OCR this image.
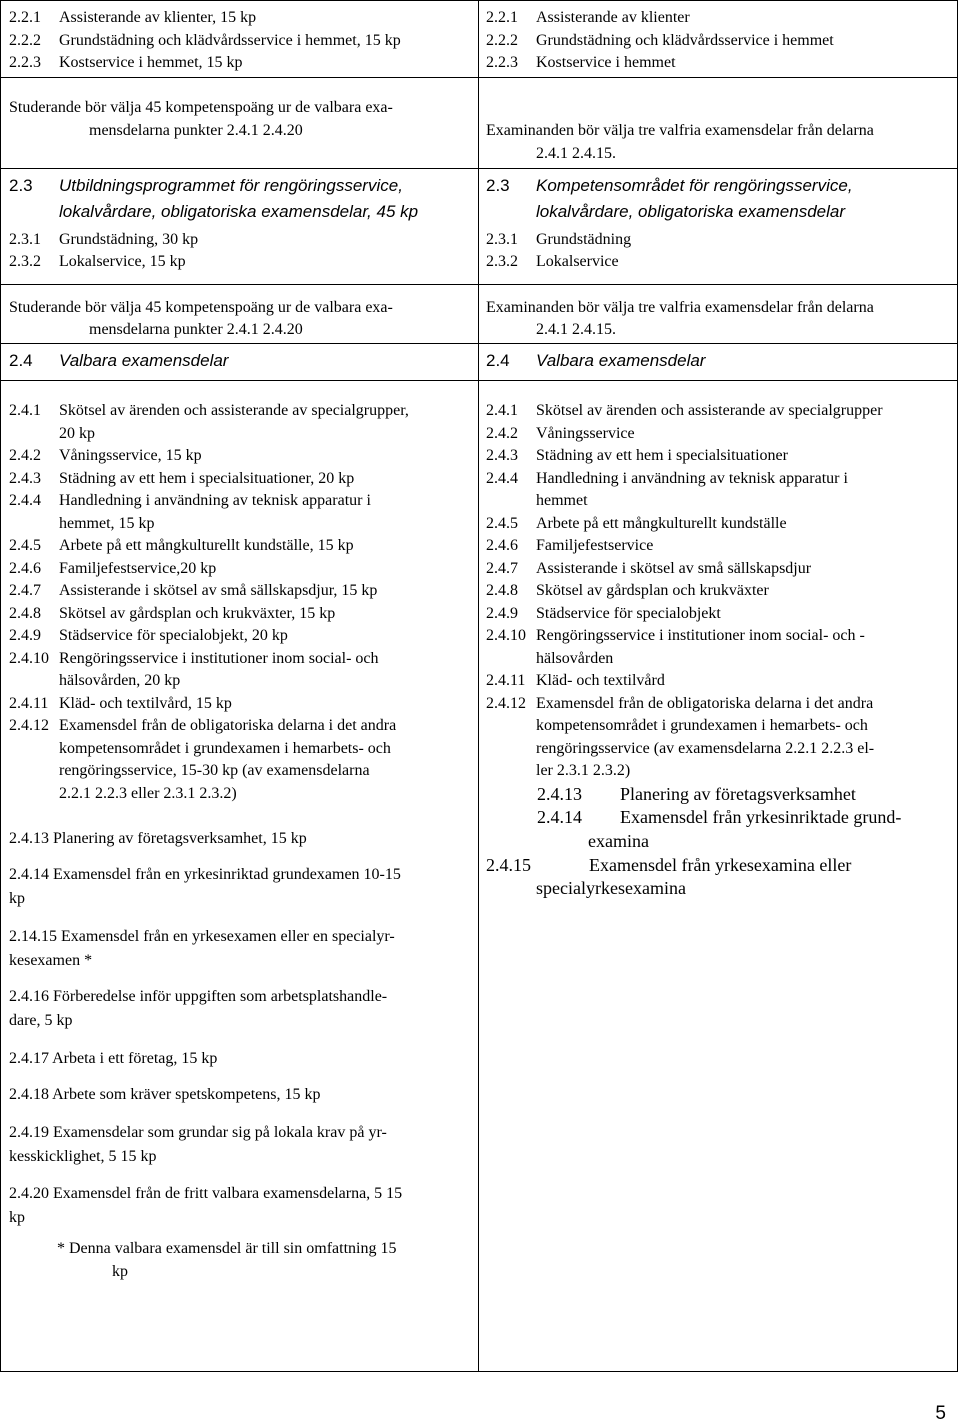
2.2.1 Assisterande av klienter, 15 kp
2.2.2 Grundstädning och klädvårdsservice i hemmet, 15 kp
2.2.3 Kostservice i hemmet, 15 kp
Studerande bör välja 45 kompetenspoäng ur de valbara exa-
mensdelarna punkter 2.4.1 2.4.20
2.3 Utbildningsprogrammet för rengöringsservice,
lokalvårdare, obligatoriska examensdelar, 45 kp
2.3.1 Grundstädning, 30 kp
2.3.2 Lokalservice, 15 kp
Studerande bör välja 45 kompetenspoäng ur de valbara exa-
mensdelarna punkter 2.4.1 2.4.20
2.4 Valbara examensdelar
2.4.1 Skötsel av ärenden och assisterande av specialgrupper,
20 kp
2.4.2 Våningsservice, 15 kp
2.4.3 Städning av ett hem i specialsituationer, 20 kp
2.4.4 Handledning i användning av teknisk apparatur i
hemmet, 15 kp
2.4.5 Arbete på ett mångkulturellt kundställe, 15 kp
2.4.6 Familjefestservice,20 kp
2.4.7 Assisterande i skötsel av små sällskapsdjur, 15 kp
2.4.8 Skötsel av gårdsplan och krukväxter, 15 kp
2.4.9 Städservice för specialobjekt, 20 kp
2.4.10 Rengöringsservice i institutioner inom social- och
hälsovården, 20 kp
2.4.11 Kläd- och textilvård, 15 kp
2.4.12 Examensdel från de obligatoriska delarna i det andra
kompetensområdet i grundexamen i hemarbets- och
rengöringsservice, 15-30 kp (av examensdelarna
2.2.1 2.2.3 eller 2.3.1 2.3.2)
2.4.13 Planering av företagsverksamhet, 15 kp
2.4.14 Examensdel från en yrkesinriktad grundexamen 10-15
kp
2.14.15 Examensdel från en yrkesexamen eller en specialyr-
kesexamen *
2.4.16 Förberedelse inför uppgiften som arbetsplatshandle-
dare, 5 kp
2.4.17 Arbeta i ett företag, 15 kp
2.4.18 Arbete som kräver spetskompetens, 15 kp
2.4.19 Examensdelar som grundar sig på lokala krav på yr-
kesskicklighet, 5 15 kp
2.4.20 Examensdel från de fritt valbara examensdelarna, 5 15
kp
* Denna valbara examensdel är till sin omfattning 15
kp
2.2.1 Assisterande av klienter
2.2.2 Grundstädning och klädvårdsservice i hemmet
2.2.3 Kostservice i hemmet
Examinanden bör välja tre valfria examensdelar från delarna
2.4.1 2.4.15.
2.3 Kompetensområdet för rengöringsservice,
lokalvårdare, obligatoriska examensdelar
2.3.1 Grundstädning
2.3.2 Lokalservice
Examinanden bör välja tre valfria examensdelar från delarna
2.4.1 2.4.15.
2.4 Valbara examensdelar
2.4.1 Skötsel av ärenden och assisterande av specialgrupper
2.4.2 Våningsservice
2.4.3 Städning av ett hem i specialsituationer
2.4.4 Handledning i användning av teknisk apparatur i
hemmet
2.4.5 Arbete på ett mångkulturellt kundställe
2.4.6 Familjefestservice
2.4.7 Assisterande i skötsel av små sällskapsdjur
2.4.8 Skötsel av gårdsplan och krukväxter
2.4.9 Städservice för specialobjekt
2.4.10 Rengöringsservice i institutioner inom social- och -
hälsovården
2.4.11 Kläd- och textilvård
2.4.12 Examensdel från de obligatoriska delarna i det andra
kompetensområdet i grundexamen i hemarbets- och
rengöringsservice (av examensdelarna 2.2.1 2.2.3 el-
ler 2.3.1 2.3.2)
2.4.13 Planering av företagsverksamhet
2.4.14 Examensdel från yrkesinriktade grund-
examina
2.4.15	Examensdel från yrkesexamina eller
specialyrkesexamina
5
